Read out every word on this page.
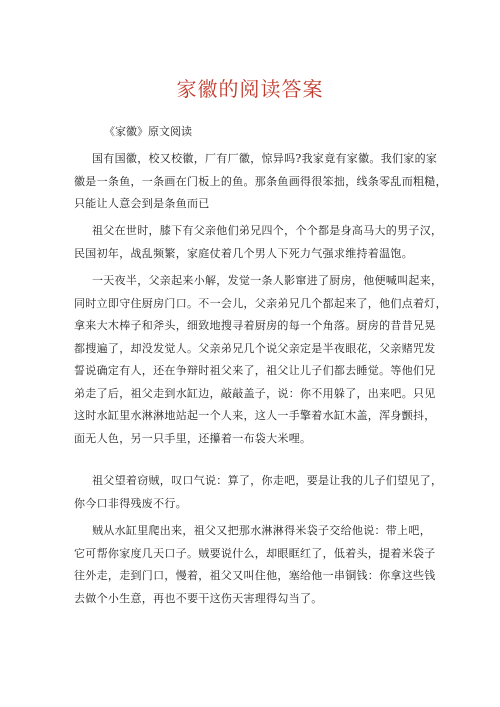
家徽的阅读答案
《家徽》原文阅读
国有国徽，校又校徽，厂有厂徽，惊异吗?我家竟有家徽。我们家的家
徽是一条鱼，一条画在门板上的鱼。那条鱼画得很笨拙，线条零乱而粗糙，
只能让人意会到是条鱼而已
祖父在世时，膝下有父亲他们弟兄四个，个个都是身高马大的男子汉，
民国初年，战乱频繁，家庭仗着几个男人下死力气强求维持着温饱。
一天夜半，父亲起来小解，发觉一条人影窜进了厨房，他便喊叫起来，
同时立即守住厨房门口。不一会儿，父亲弟兄几个都起来了，他们点着灯，
拿来大木棒子和斧头，细致地搜寻着厨房的每一个角落。厨房的昔昔兄晃
都搜遍了，却没发觉人。父亲弟兄几个说父亲定是半夜眼花，父亲赌咒发
誓说确定有人，还在争辩时祖父来了，祖父让儿子们都去睡觉。等他们兄
弟走了后，祖父走到水缸边，敲敲盖子，说：你不用躲了，出来吧。只见
这时水缸里水淋淋地站起一个人来，这人一手擎着水缸木盖，浑身颤抖，
面无人色，另一只手里，还攥着一布袋大米哩。
祖父望着窃贼，叹口气说：算了，你走吧，要是让我的儿子们望见了，
你今口非得残废不行。
贼从水缸里爬出来，祖父又把那水淋淋得米袋子交给他说：带上吧，
它可帮你家度几天口子。贼要说什么，却眼眶红了，低着头，提着米袋子
往外走，走到门口，慢着，祖父又叫住他，塞给他一串铜钱：你拿这些钱
去做个小生意，再也不要干这伤天害理得勾当了。
